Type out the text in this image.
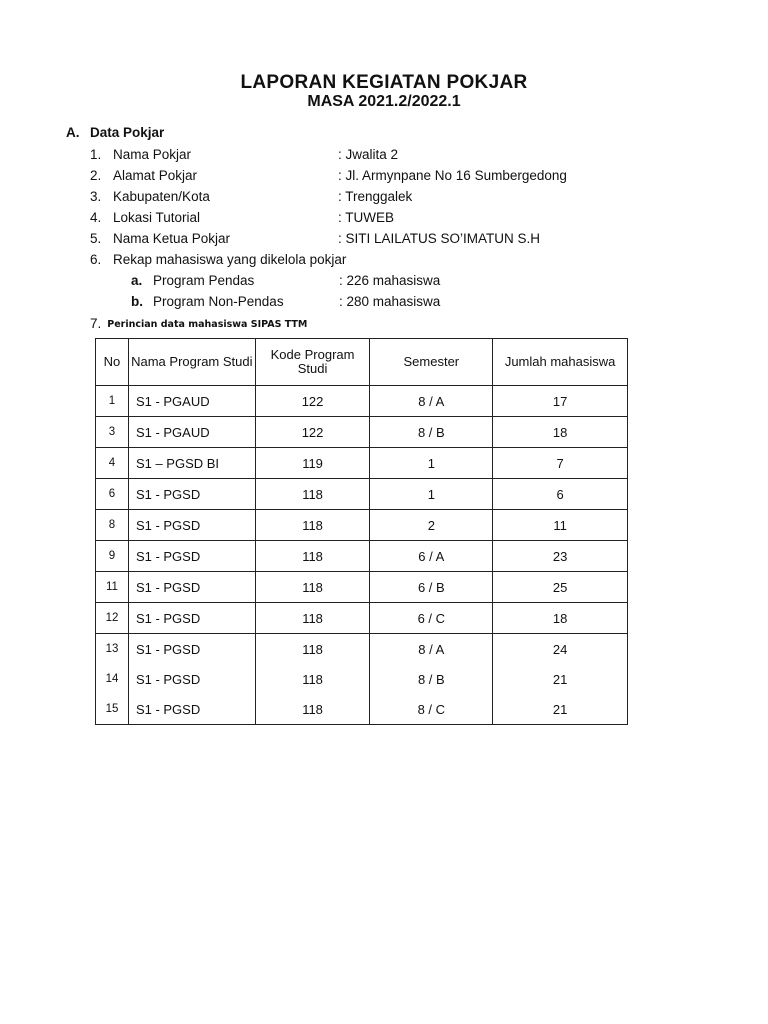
LAPORAN KEGIATAN POKJAR
MASA 2021.2/2022.1
A. Data Pokjar
1. Nama Pokjar	: Jwalita 2
2. Alamat Pokjar	: Jl. Armynpane No 16 Sumbergedong
3. Kabupaten/Kota	: Trenggalek
4. Lokasi Tutorial	: TUWEB
5. Nama Ketua Pokjar	: SITI LAILATUS SO’IMATUN S.H
6. Rekap mahasiswa yang dikelola pokjar
a. Program Pendas	: 226 mahasiswa
b. Program Non-Pendas	: 280 mahasiswa
7. Perincian data mahasiswa SIPAS TTM
No	Nama Program Studi	Kode Program Studi	Semester	Jumlah mahasiswa
1	S1 - PGAUD	122	8 / A	17
3	S1 - PGAUD	122	8 / B	18
4	S1 – PGSD BI	119	1	7
6	S1 - PGSD	118	1	6
8	S1 - PGSD	118	2	11
9	S1 - PGSD	118	6 / A	23
11	S1 - PGSD	118	6 / B	25
12	S1 - PGSD	118	6 / C	18
13	S1 - PGSD	118	8 / A	24
14	S1 - PGSD	118	8 / B	21
15	S1 - PGSD	118	8 / C	21
